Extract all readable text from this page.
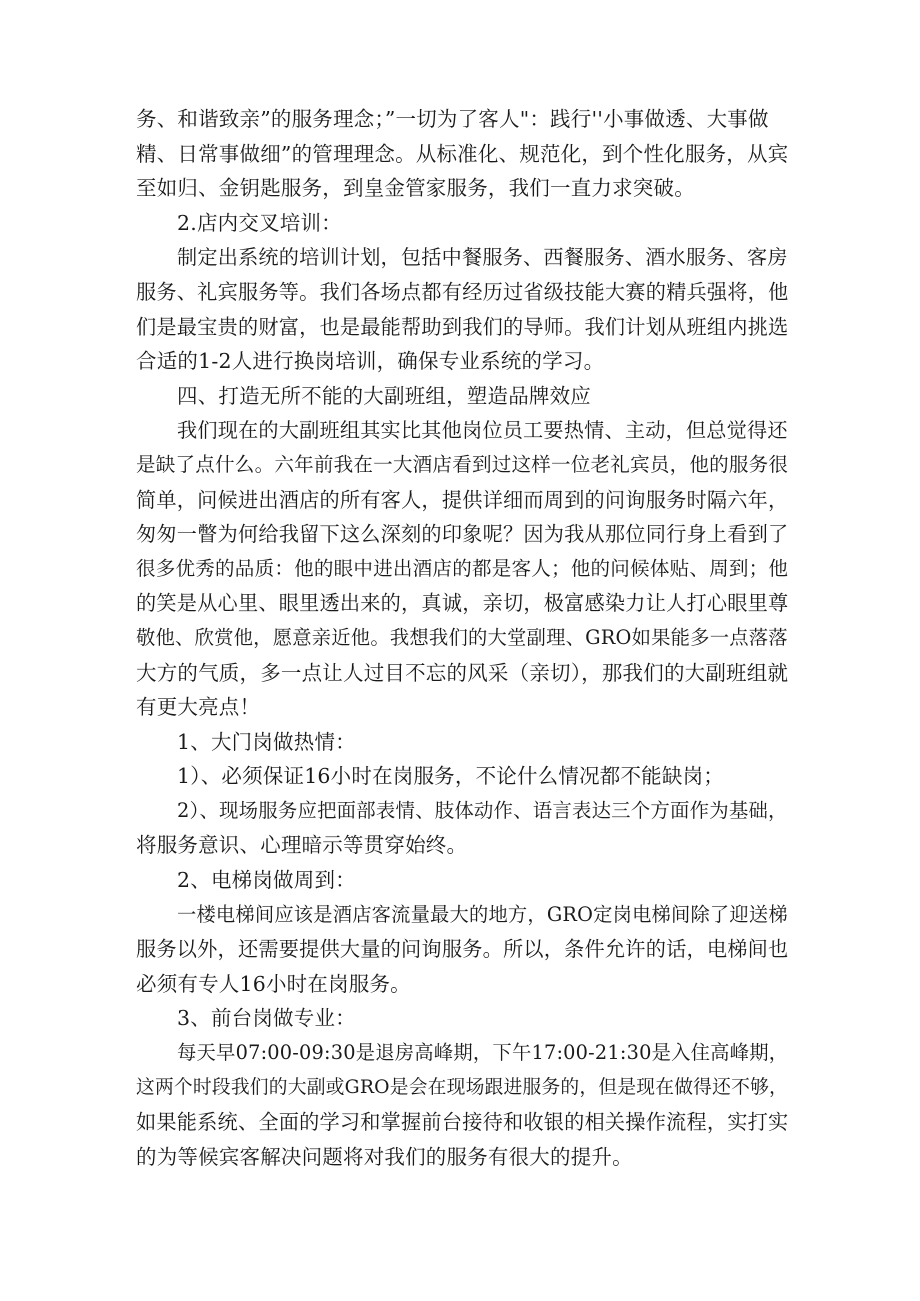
务、和谐致亲”的服务理念；”一切为了客人"：践行''小事做透、大事做
精、日常事做细”的管理理念。从标准化、规范化，到个性化服务，从宾
至如归、金钥匙服务，到皇金管家服务，我们一直力求突破。
2.店内交叉培训：
制定出系统的培训计划，包括中餐服务、西餐服务、酒水服务、客房
服务、礼宾服务等。我们各场点都有经历过省级技能大赛的精兵强将，他
们是最宝贵的财富，也是最能帮助到我们的导师。我们计划从班组内挑选
合适的1-2人进行换岗培训，确保专业系统的学习。
四、打造无所不能的大副班组，塑造品牌效应
我们现在的大副班组其实比其他岗位员工要热情、主动，但总觉得还
是缺了点什么。六年前我在一大酒店看到过这样一位老礼宾员，他的服务很
简单，问候进出酒店的所有客人，提供详细而周到的问询服务时隔六年，
匆匆一瞥为何给我留下这么深刻的印象呢？因为我从那位同行身上看到了
很多优秀的品质：他的眼中进出酒店的都是客人；他的问候体贴、周到；他
的笑是从心里、眼里透出来的，真诚，亲切，极富感染力让人打心眼里尊
敬他、欣赏他，愿意亲近他。我想我们的大堂副理、GRO如果能多一点落落
大方的气质，多一点让人过目不忘的风采（亲切），那我们的大副班组就
有更大亮点！
1、大门岗做热情：
1）、必须保证16小时在岗服务，不论什么情况都不能缺岗；
2）、现场服务应把面部表情、肢体动作、语言表达三个方面作为基础，
将服务意识、心理暗示等贯穿始终。
2、电梯岗做周到：
一楼电梯间应该是酒店客流量最大的地方，GRO定岗电梯间除了迎送梯
服务以外，还需要提供大量的问询服务。所以，条件允许的话，电梯间也
必须有专人16小时在岗服务。
3、前台岗做专业：
每天早07:00-09:30是退房高峰期，下午17:00-21:30是入住高峰期，
这两个时段我们的大副或GRO是会在现场跟进服务的，但是现在做得还不够，
如果能系统、全面的学习和掌握前台接待和收银的相关操作流程，实打实
的为等候宾客解决问题将对我们的服务有很大的提升。
